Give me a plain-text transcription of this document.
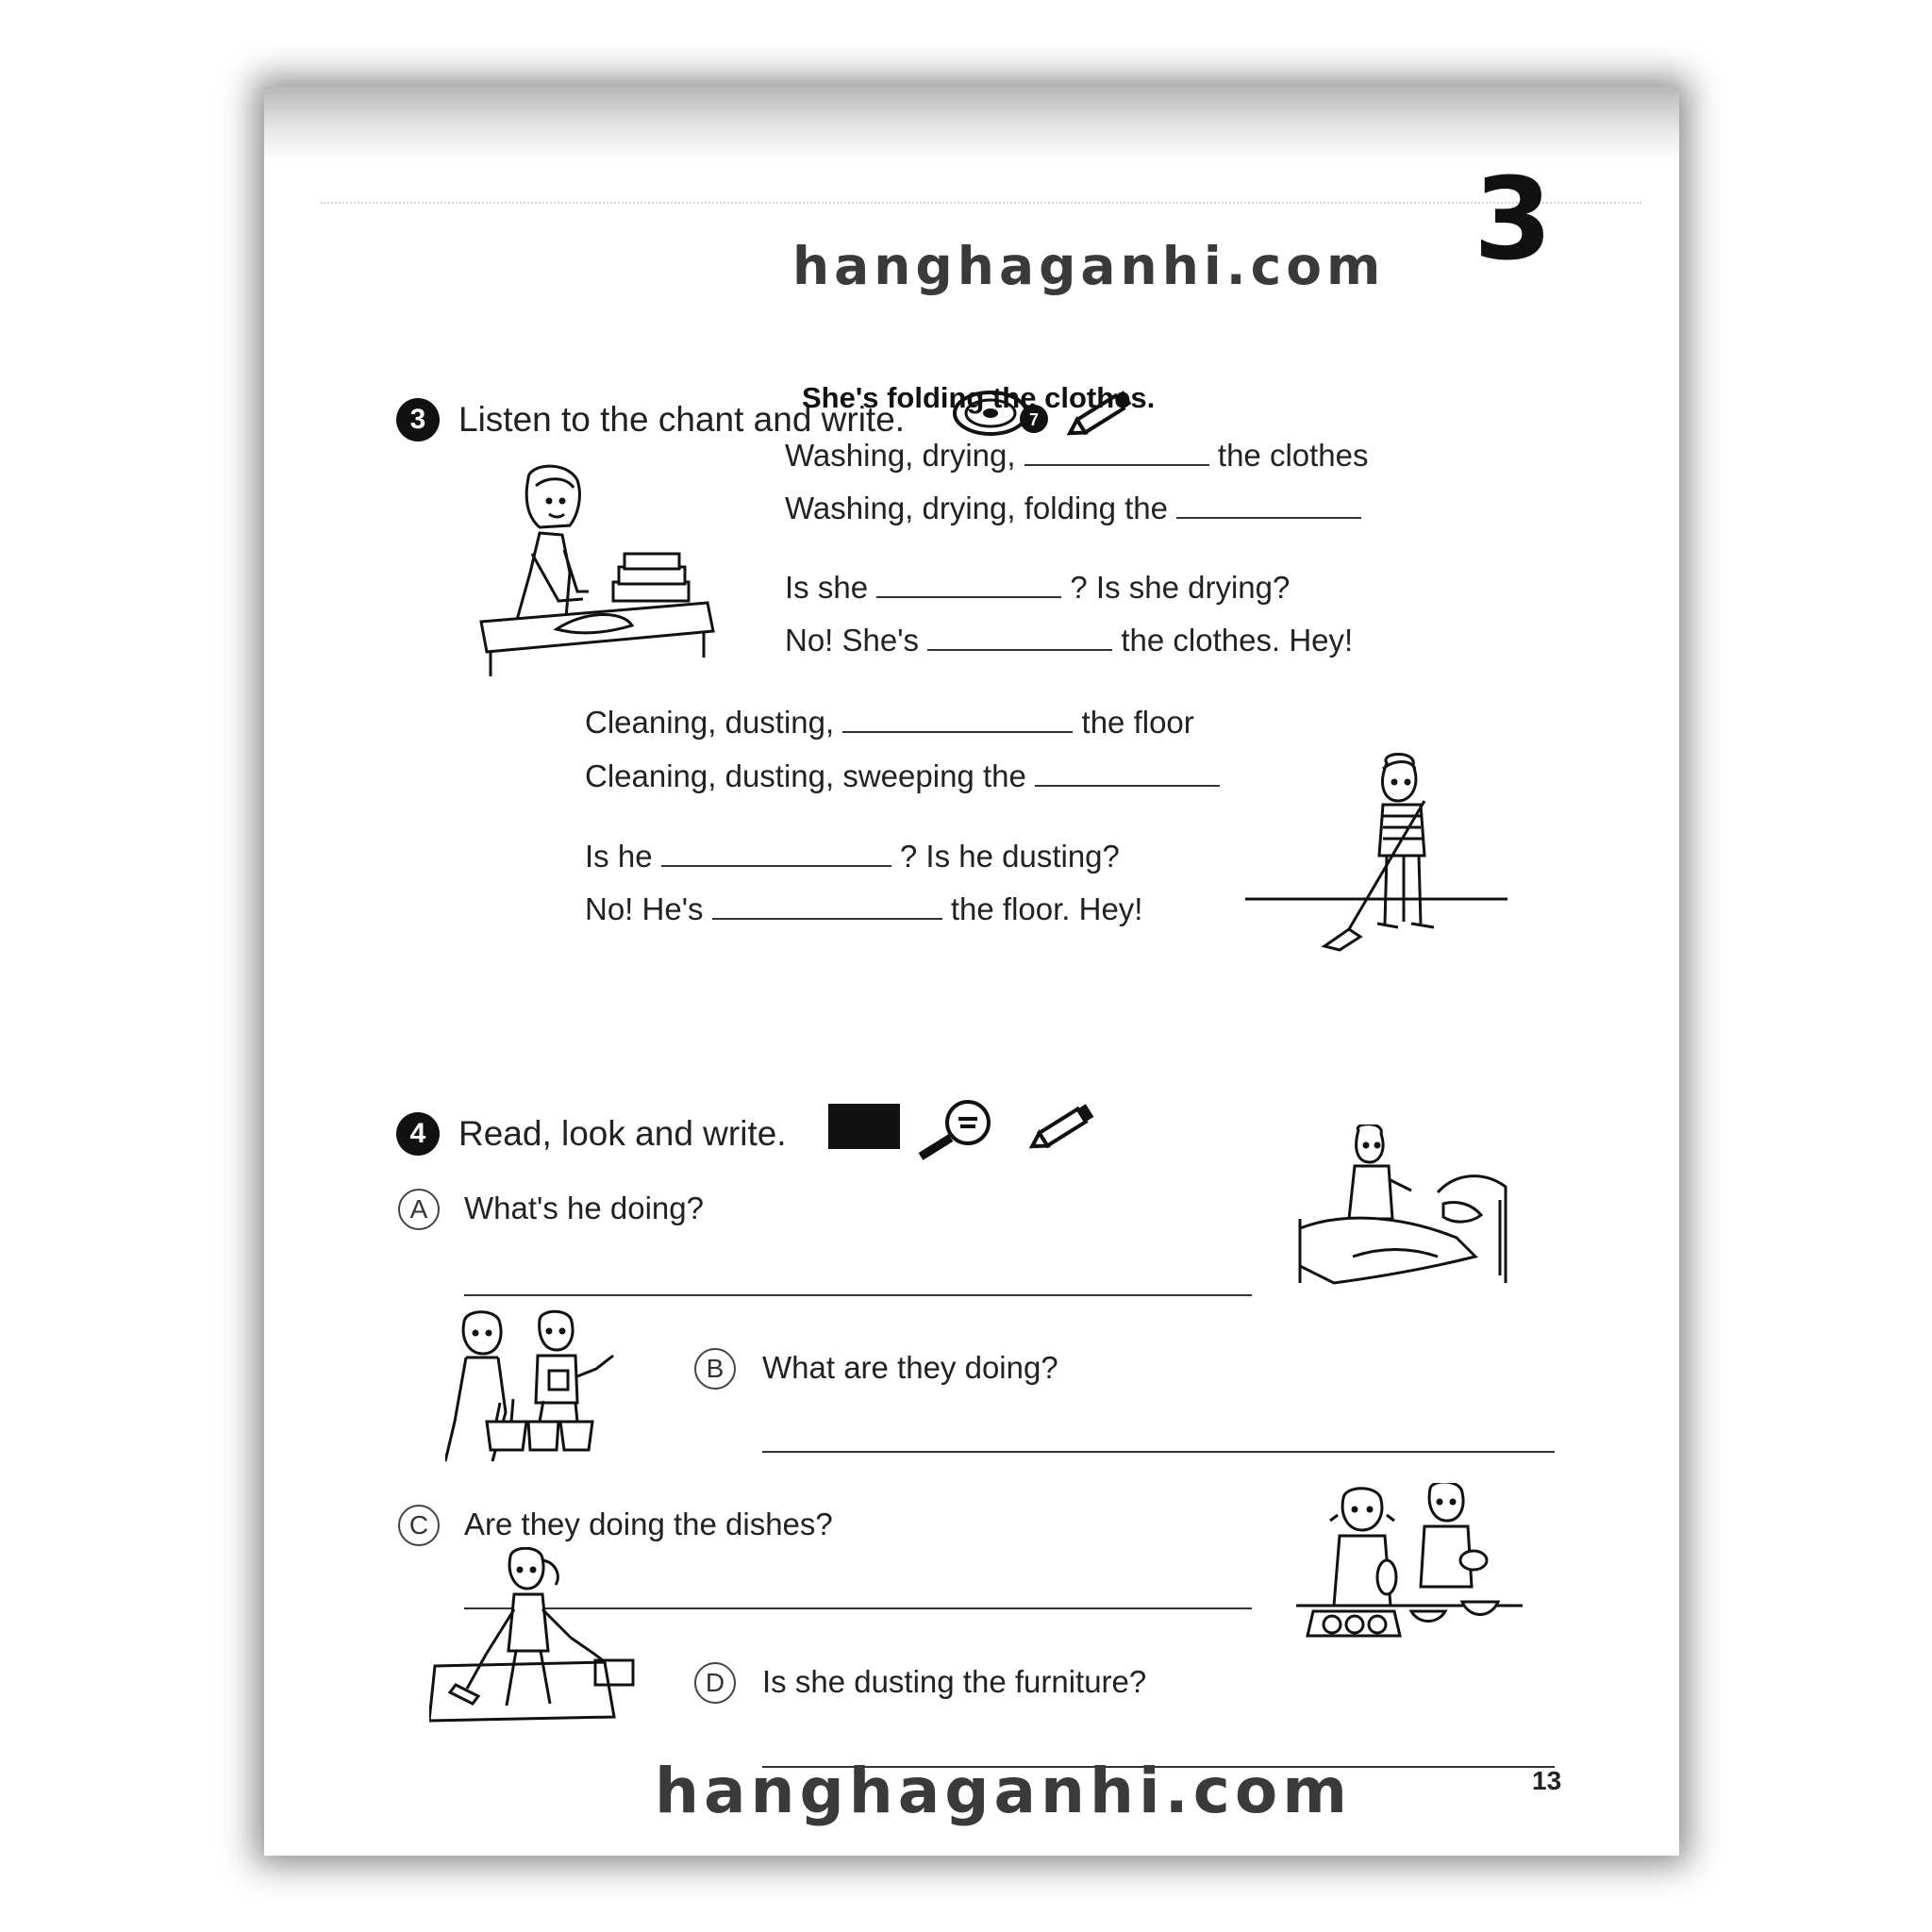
3
hanghaganhi.com
3 Listen to the chant and write.	7
She's folding the clothes.
Washing, drying,	the clothes
Washing, drying, folding the
Is she	? Is she drying?
No! She's	the clothes. Hey!
Cleaning, dusting,	the floor
Cleaning, dusting, sweeping the
Is he	? Is he dusting?
No! He's	the floor. Hey!
4 Read, look and write.
A	What's he doing?
B	What are they doing?
C	Are they doing the dishes?
D	Is she dusting the furniture?
hanghaganhi.com	13
